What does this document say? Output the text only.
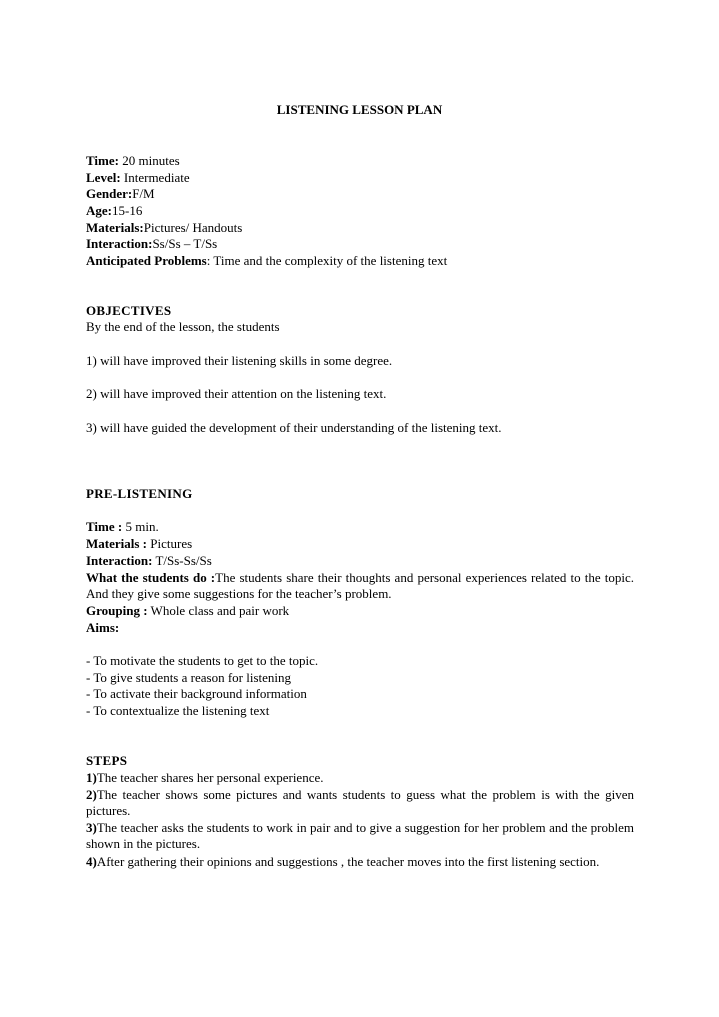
LISTENING LESSON PLAN
Time: 20 minutes
Level: Intermediate
Gender:F/M
Age:15-16
Materials:Pictures/ Handouts
Interaction:Ss/Ss – T/Ss
Anticipated Problems: Time and the complexity of the listening text
OBJECTIVES
By the end of the lesson, the students
1) will have improved their listening skills in some degree.
2) will have improved their attention on the listening text.
3) will have guided the development of their understanding of the listening text.
PRE-LISTENING
Time : 5 min.
Materials : Pictures
Interaction: T/Ss-Ss/Ss
What the students do :The students share their thoughts and personal experiences related to the topic. And they give some suggestions for the teacher’s problem.
Grouping : Whole class and pair work
Aims:
- To motivate the students to get to the topic.
- To give students a reason for listening
- To activate their background information
- To contextualize the listening text
STEPS
1)The teacher shares her personal experience.
2)The teacher shows some pictures and wants students to guess what the problem is with the given pictures.
3)The teacher asks the students to work in pair and to give a suggestion for her problem and the problem shown in the pictures.
4)After gathering their opinions and suggestions , the teacher moves into the first listening section.
